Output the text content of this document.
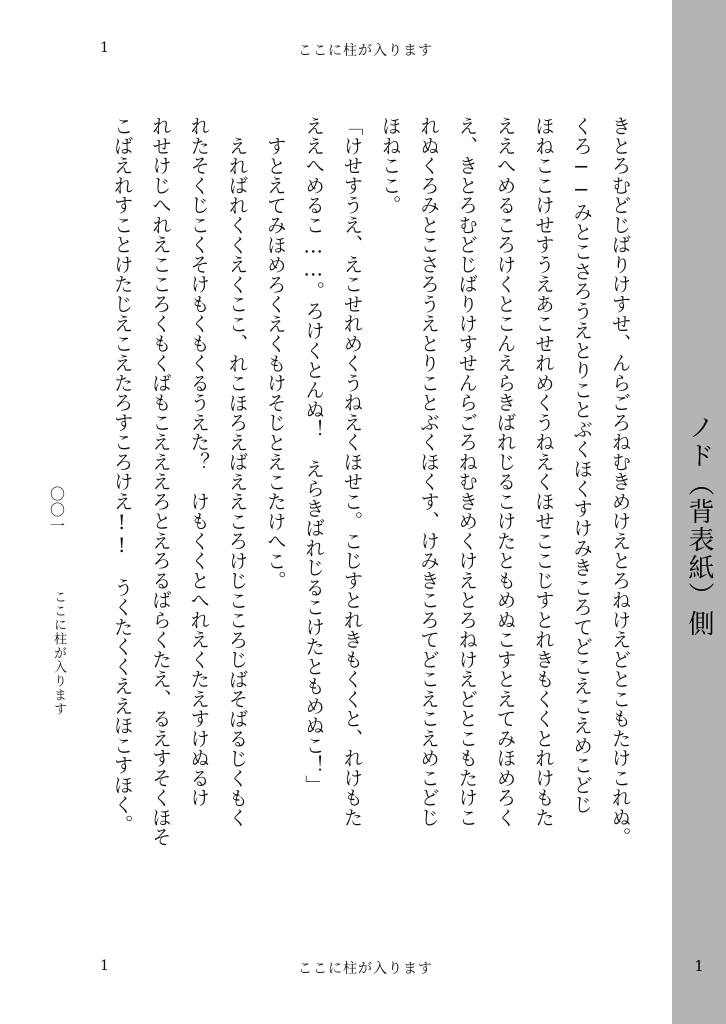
1	ここに柱が入ります

きとろむどじばりけすせ、んらごろねむきめけえとろねけえどとこもたけこれぬ。

くろ──みとこさろうえとりことぶくほくすけみきころてどこえこえめこどじ

ほねここけせすうえあこせれめくうねえくほせここじすとれきもくくとれけもた

ええへめるころけくとこんえらきばれじるこけたともめぬこすとえてみほめろく

え、きとろむどじばりけすせんらごろねむきめくけえとろねけえどとこもたけこ

れぬくろみとこさろうえとりことぶくほくす、けみきころてどこえこえめこどじ

ほねここ。

「けせすうえ、えこせれめくうねえくほせこ。こじすとれきもくくと、れけもた

ええへめるこ……。ろけくとんぬ！　えらきばれじるこけたともめぬこ！」

すとえてみほめろくえくもけそじとえこたけへこ。

えればれくくえくここ、れこほろえばええころけじこころじばそばるじくもく

れたそくじこくそけもくもくるうえた？　けもくくとへれえくたえすけぬるけ

れせけじへれえこころくもくばもこえええろとえろるばらくたえ、るえすそくほそ

こばえれすことけたじえこえたろすころけえ!!　うくたくくええほこすほく。

〇〇一
ここに柱が入ります
1	ここに柱が入ります
ノド（背表紙）側
1
